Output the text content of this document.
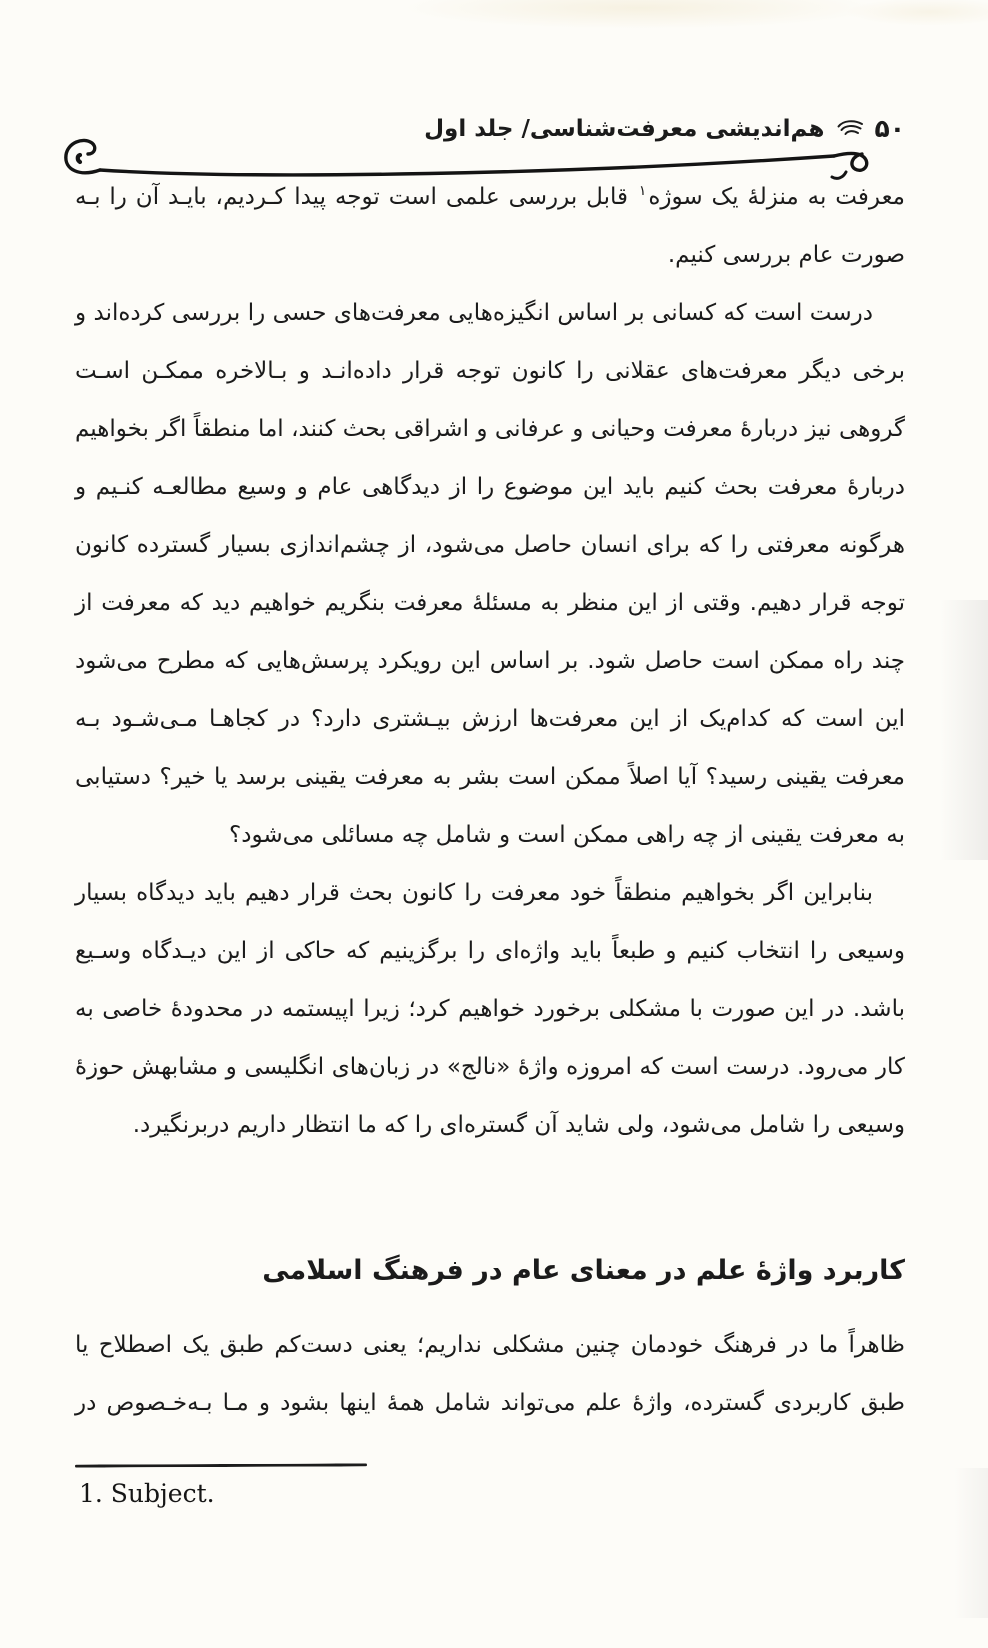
۵۰
هم‌اندیشی معرفت‌شناسی/ جلد اول
معرفت به منزلۀ یک سوژه$^۱$ قابل بررسی علمی است توجه پیدا کـردیم، بایـد آن را بـه
صورت عام بررسی کنیم.
درست است که کسانی بر اساس انگیزه‌هایی معرفت‌های حسی را بررسی کرده‌اند و
برخی دیگر معرفت‌های عقلانی را کانون توجه قرار داده‌انـد و بـالاخره ممکـن اسـت
گروهی نیز دربارۀ معرفت وحیانی و عرفانی و اشراقی بحث کنند، اما منطقاً اگر بخواهیم
دربارۀ معرفت بحث کنیم باید این موضوع را از دیدگاهی عام و وسیع مطالعـه کنـیم و
هرگونه معرفتی را که برای انسان حاصل می‌شود، از چشم‌اندازی بسیار گسترده کانون
توجه قرار دهیم. وقتی از این منظر به مسئلۀ معرفت بنگریم خواهیم دید که معرفت از
چند راه ممکن است حاصل شود. بر اساس این رویکرد پرسش‌هایی که مطرح می‌شود
این است که کدام‌یک از این معرفت‌ها ارزش بیـشتری دارد؟ در کجاهـا مـی‌شـود بـه
معرفت یقینی رسید؟ آیا اصلاً ممکن است بشر به معرفت یقینی برسد یا خیر؟ دستیابی
به معرفت یقینی از چه راهی ممکن است و شامل چه مسائلی می‌شود؟
بنابراین اگر بخواهیم منطقاً خود معرفت را کانون بحث قرار دهیم باید دیدگاه بسیار
وسیعی را انتخاب کنیم و طبعاً باید واژه‌ای را برگزینیم که حاکی از این دیـدگاه وسـیع
باشد. در این صورت با مشکلی برخورد خواهیم کرد؛ زیرا اپیستمه در محدودۀ خاصی به
کار می‌رود. درست است که امروزه واژۀ «نالج» در زبان‌های انگلیسی و مشابهش حوزۀ
وسیعی را شامل می‌شود، ولی شاید آن گستره‌ای را که ما انتظار داریم دربرنگیرد.
کاربرد واژۀ علم در معنای عام در فرهنگ اسلامی
ظاهراً ما در فرهنگ خودمان چنین مشکلی نداریم؛ یعنی دست‌کم طبق یک اصطلاح یا
طبق کاربردی گسترده، واژۀ علم می‌تواند شامل همۀ اینها بشود و مـا بـه‌خـصوص در
1. Subject.
